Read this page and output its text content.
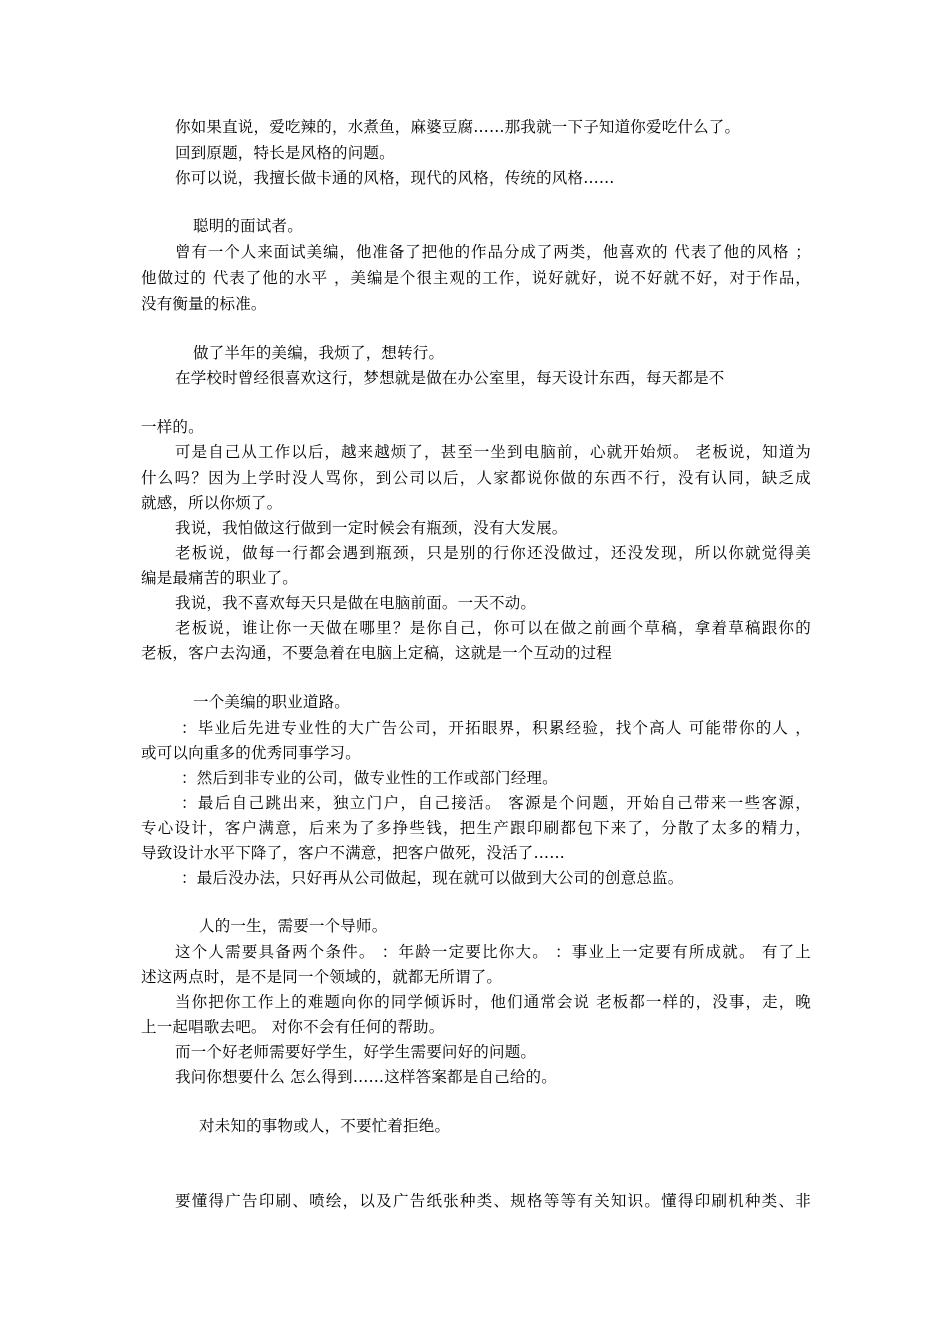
你如果直说，爱吃辣的，水煮鱼，麻婆豆腐……那我就一下子知道你爱吃什么了。
回到原题，特长是风格的问题。
你可以说，我擅长做卡通的风格，现代的风格，传统的风格……
聪明的面试者。
曾有一个人来面试美编，他准备了把他的作品分成了两类，他喜欢的 代表了他的风格 ；
他做过的 代表了他的水平 ，美编是个很主观的工作，说好就好，说不好就不好，对于作品，
没有衡量的标准。
做了半年的美编，我烦了，想转行。
在学校时曾经很喜欢这行，梦想就是做在办公室里，每天设计东西，每天都是不
一样的。
可是自己从工作以后，越来越烦了，甚至一坐到电脑前，心就开始烦。 老板说，知道为
什么吗？因为上学时没人骂你，到公司以后，人家都说你做的东西不行，没有认同，缺乏成
就感，所以你烦了。
我说，我怕做这行做到一定时候会有瓶颈，没有大发展。
老板说，做每一行都会遇到瓶颈，只是别的行你还没做过，还没发现，所以你就觉得美
编是最痛苦的职业了。
我说，我不喜欢每天只是做在电脑前面。一天不动。
老板说，谁让你一天做在哪里？是你自己，你可以在做之前画个草稿，拿着草稿跟你的
老板，客户去沟通，不要急着在电脑上定稿，这就是一个互动的过程
一个美编的职业道路。
：毕业后先进专业性的大广告公司，开拓眼界，积累经验，找个高人 可能带你的人 ，
或可以向重多的优秀同事学习。
：然后到非专业的公司，做专业性的工作或部门经理。
：最后自己跳出来，独立门户，自己接活。 客源是个问题，开始自己带来一些客源，
专心设计，客户满意，后来为了多挣些钱，把生产跟印刷都包下来了，分散了太多的精力，
导致设计水平下降了，客户不满意，把客户做死，没活了……
：最后没办法，只好再从公司做起，现在就可以做到大公司的创意总监。
人的一生，需要一个导师。
这个人需要具备两个条件。 ：年龄一定要比你大。 ：事业上一定要有所成就。 有了上
述这两点时，是不是同一个领域的，就都无所谓了。
当你把你工作上的难题向你的同学倾诉时，他们通常会说 老板都一样的，没事，走，晚
上一起唱歌去吧。 对你不会有任何的帮助。
而一个好老师需要好学生，好学生需要问好的问题。
我问你想要什么 怎么得到……这样答案都是自己给的。
对未知的事物或人，不要忙着拒绝。
要懂得广告印刷、喷绘，以及广告纸张种类、规格等等有关知识。懂得印刷机种类、非
